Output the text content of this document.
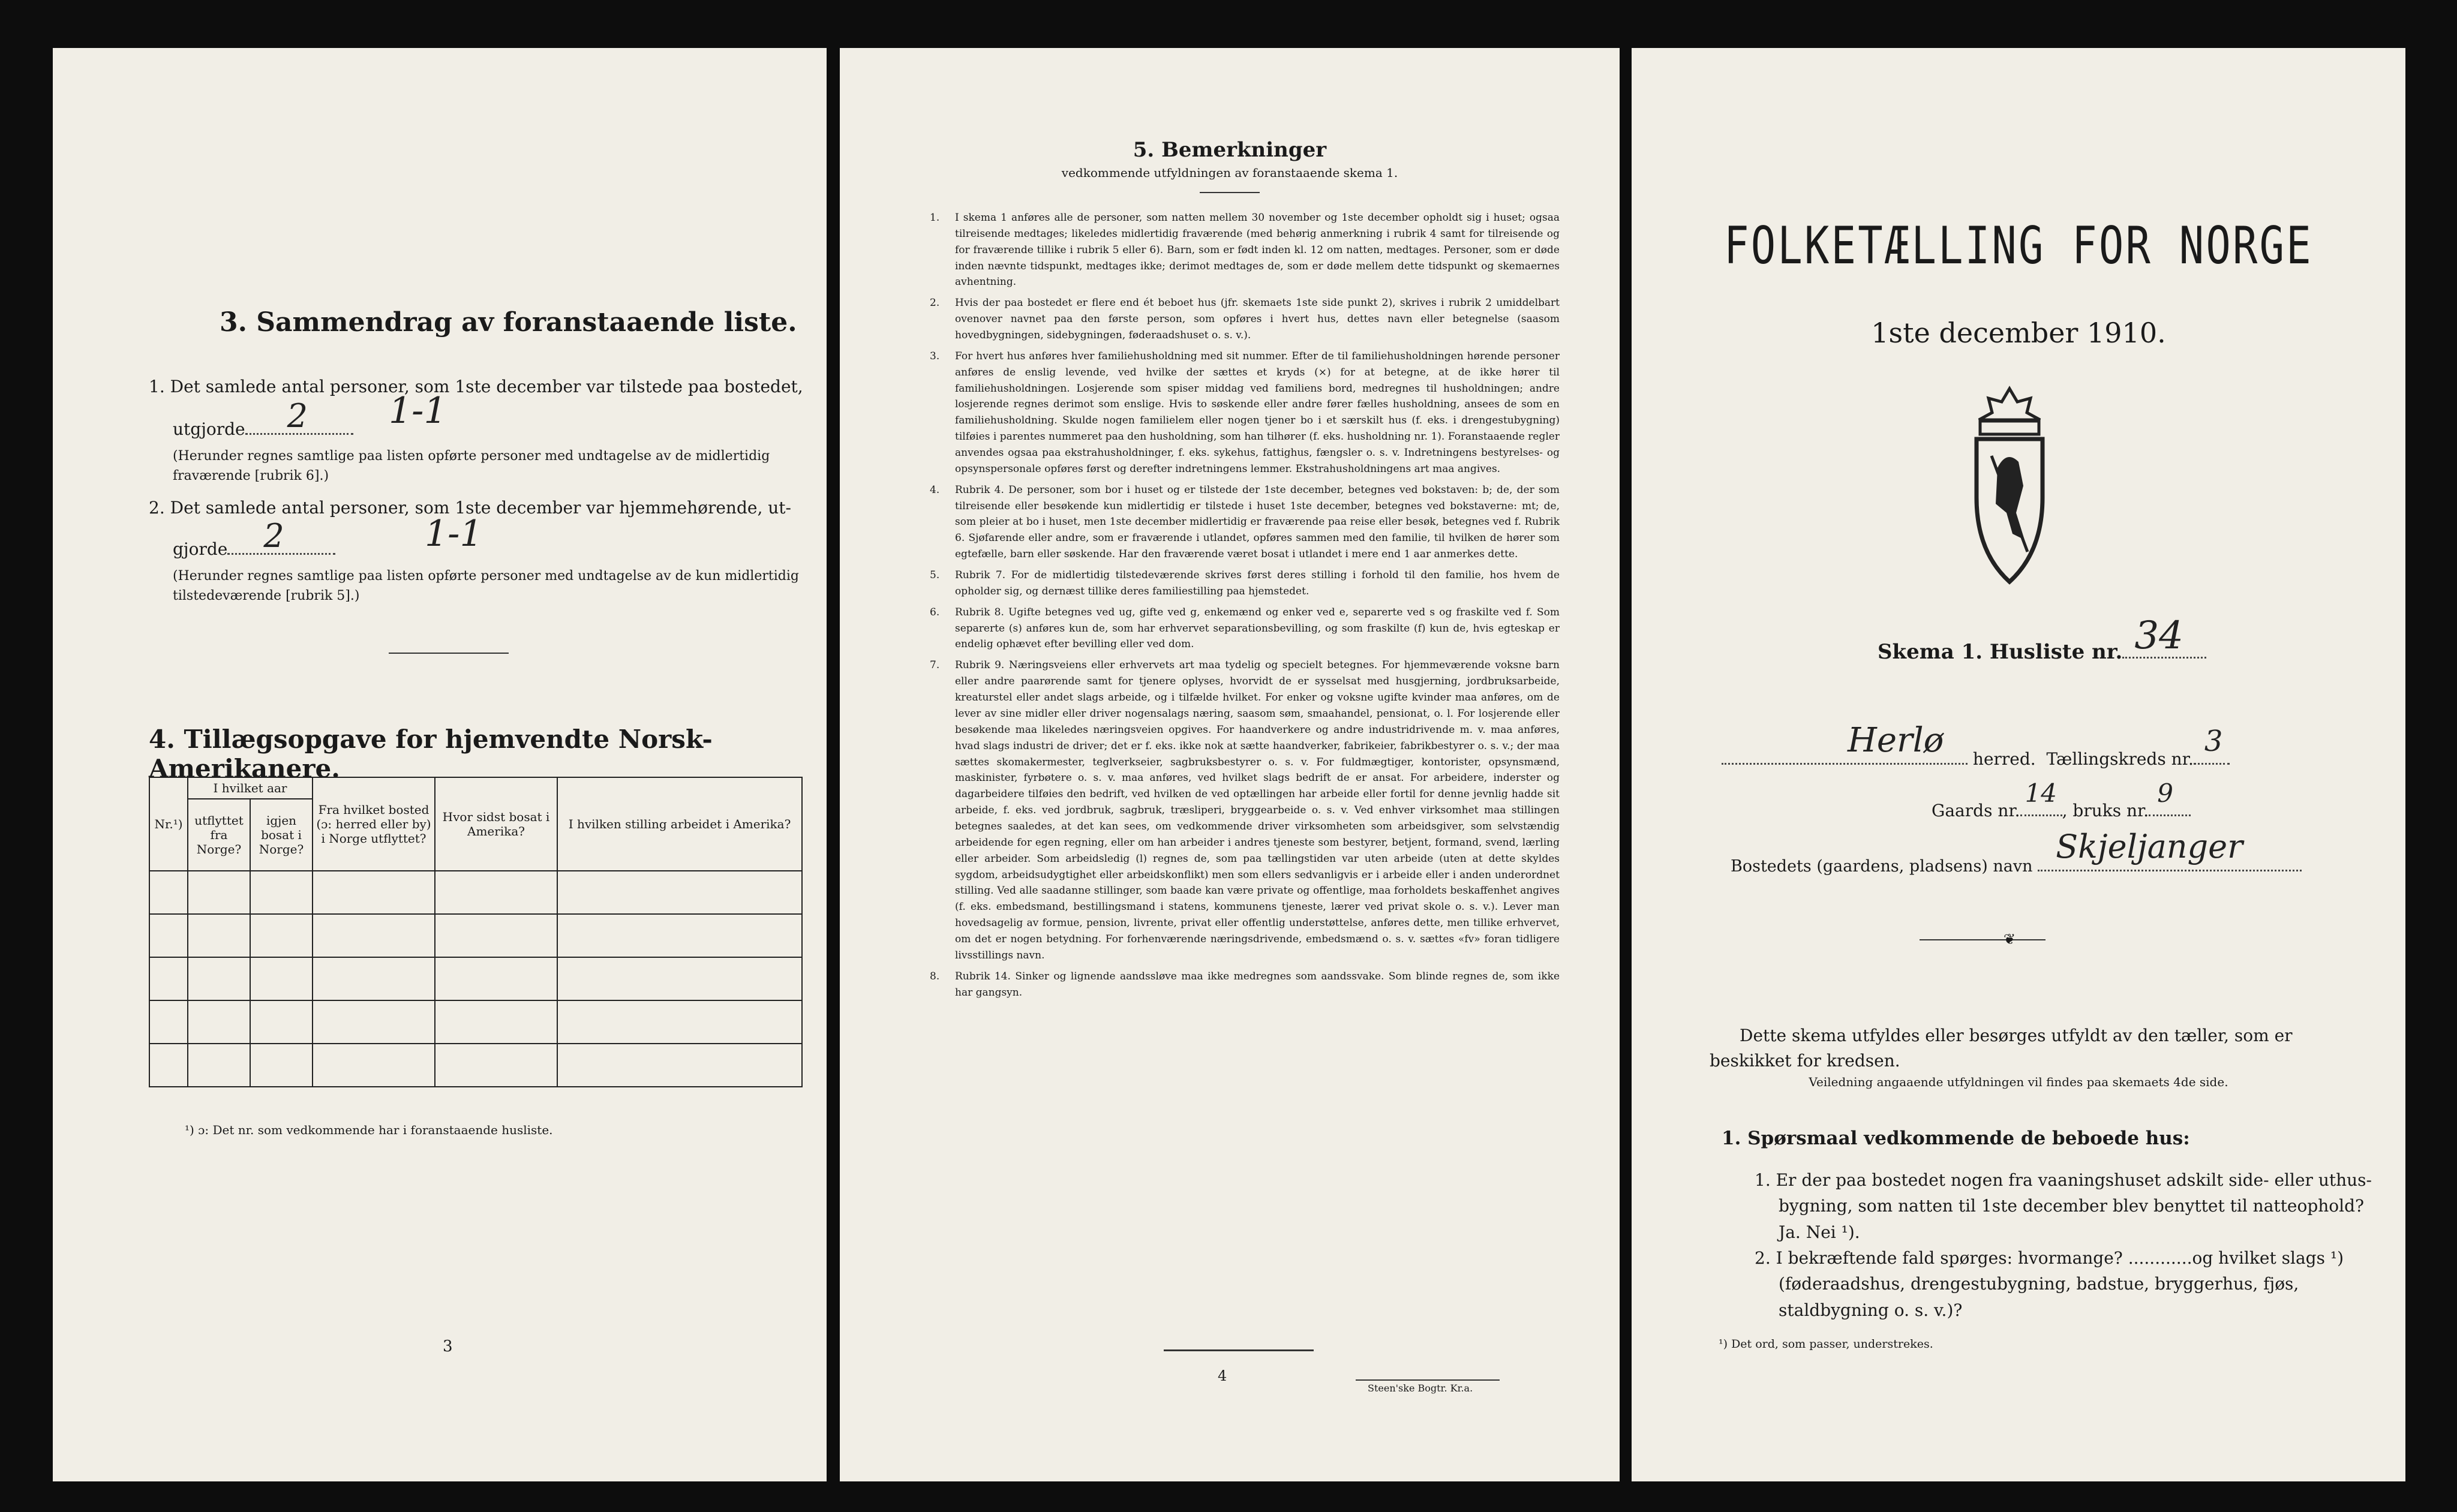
3. Sammendrag av foranstaaende liste.
1. Det samlede antal personer, som 1ste december var tilstede paa bostedet,
utgjorde 2 1-1
(Herunder regnes samtlige paa listen opførte personer med undtagelse av de midlertidig fraværende [rubrik 6].)
2. Det samlede antal personer, som 1ste december var hjemmehørende, ut-
gjorde 2	1-1
(Herunder regnes samtlige paa listen opførte personer med undtagelse av de kun midlertidig tilstedeværende [rubrik 5].)
4. Tillægsopgave for hjemvendte Norsk-Amerikanere.
Nr.¹)	I hvilket aar		Fra hvilket bosted (ɔ: herred eller by) i Norge utflyttet?	Hvor sidst bosat i Amerika?	I hvilken stilling arbeidet i Amerika?
	utflyttet fra Norge?	igjen bosat i Norge?			

¹) ɔ: Det nr. som vedkommende har i foranstaaende husliste.
3
5. Bemerkninger
vedkommende utfyldningen av foranstaaende skema 1.
1.	I skema 1 anføres alle de personer, som natten mellem 30 november og 1ste december opholdt sig i huset; ogsaa tilreisende medtages; likeledes midlertidig fraværende (med behørig anmerkning i rubrik 4 samt for tilreisende og for fraværende tillike i rubrik 5 eller 6). Barn, som er født inden kl. 12 om natten, medtages. Personer, som er døde inden nævnte tidspunkt, medtages ikke; derimot medtages de, som er døde mellem dette tidspunkt og skemaernes avhentning.

2.	Hvis der paa bostedet er flere end ét beboet hus (jfr. skemaets 1ste side punkt 2), skrives i rubrik 2 umiddelbart ovenover navnet paa den første person, som opføres i hvert hus, dettes navn eller betegnelse (saasom hovedbygningen, sidebygningen, føderaadshuset o. s. v.).

3.	For hvert hus anføres hver familiehusholdning med sit nummer. Efter de til familiehusholdningen hørende personer anføres de enslig levende, ved hvilke der sættes et kryds (×) for at betegne, at de ikke hører til familiehusholdningen. Losjerende som spiser middag ved familiens bord, medregnes til husholdningen; andre losjerende regnes derimot som enslige. Hvis to søskende eller andre fører fælles husholdning, ansees de som en familiehusholdning. Skulde nogen familielem eller nogen tjener bo i et særskilt hus (f. eks. i drengestubygning) tilføies i parentes nummeret paa den husholdning, som han tilhører (f. eks. husholdning nr. 1). Foranstaaende regler anvendes ogsaa paa ekstrahusholdninger, f. eks. sykehus, fattighus, fængsler o. s. v. Indretningens bestyrelses- og opsynspersonale opføres først og derefter indretningens lemmer. Ekstrahusholdningens art maa angives.

4.	Rubrik 4. De personer, som bor i huset og er tilstede der 1ste december, betegnes ved bokstaven: b; de, der som tilreisende eller besøkende kun midlertidig er tilstede i huset 1ste december, betegnes ved bokstaverne: mt; de, som pleier at bo i huset, men 1ste december midlertidig er fraværende paa reise eller besøk, betegnes ved f. Rubrik 6. Sjøfarende eller andre, som er fraværende i utlandet, opføres sammen med den familie, til hvilken de hører som egtefælle, barn eller søskende. Har den fraværende været bosat i utlandet i mere end 1 aar anmerkes dette.

5.	Rubrik 7. For de midlertidig tilstedeværende skrives først deres stilling i forhold til den familie, hos hvem de opholder sig, og dernæst tillike deres familiestilling paa hjemstedet.

6.	Rubrik 8. Ugifte betegnes ved ug, gifte ved g, enkemænd og enker ved e, separerte ved s og fraskilte ved f. Som separerte (s) anføres kun de, som har erhvervet separationsbevilling, og som fraskilte (f) kun de, hvis egteskap er endelig ophævet efter bevilling eller ved dom.

7.	Rubrik 9. Næringsveiens eller erhvervets art maa tydelig og specielt betegnes. For hjemmeværende voksne barn eller andre paarørende samt for tjenere oplyses, hvorvidt de er sysselsat med husgjerning, jordbruksarbeide, kreaturstel eller andet slags arbeide, og i tilfælde hvilket. For enker og voksne ugifte kvinder maa anføres, om de lever av sine midler eller driver nogensalags næring, saasom søm, smaahandel, pensionat, o. l. For losjerende eller besøkende maa likeledes næringsveien opgives. For haandverkere og andre industridrivende m. v. maa anføres, hvad slags industri de driver; det er f. eks. ikke nok at sætte haandverker, fabrikeier, fabrikbestyrer o. s. v.; der maa sættes skomakermester, teglverkseier, sagbruksbestyrer o. s. v. For fuldmægtiger, kontorister, opsynsmænd, maskinister, fyrbøtere o. s. v. maa anføres, ved hvilket slags bedrift de er ansat. For arbeidere, inderster og dagarbeidere tilføies den bedrift, ved hvilken de ved optællingen har arbeide eller fortil for denne jevnlig hadde sit arbeide, f. eks. ved jordbruk, sagbruk, træsliperi, bryggearbeide o. s. v. Ved enhver virksomhet maa stillingen betegnes saaledes, at det kan sees, om vedkommende driver virksomheten som arbeidsgiver, som selvstændig arbeidende for egen regning, eller om han arbeider i andres tjeneste som bestyrer, betjent, formand, svend, lærling eller arbeider. Som arbeidsledig (l) regnes de, som paa tællingstiden var uten arbeide (uten at dette skyldes sygdom, arbeidsudygtighet eller arbeidskonflikt) men som ellers sedvanligvis er i arbeide eller i anden underordnet stilling. Ved alle saadanne stillinger, som baade kan være private og offentlige, maa forholdets beskaffenhet angives (f. eks. embedsmand, bestillingsmand i statens, kommunens tjeneste, lærer ved privat skole o. s. v.). Lever man hovedsagelig av formue, pension, livrente, privat eller offentlig understøttelse, anføres dette, men tillike erhvervet, om det er nogen betydning. For forhenværende næringsdrivende, embedsmænd o. s. v. sættes «fv» foran tidligere livsstillings navn.

8.	Rubrik 14. Sinker og lignende aandssløve maa ikke medregnes som aandssvake. Som blinde regnes de, som ikke har gangsyn.

4
Steen'ske Bogtr. Kr.a.
FOLKETÆLLING FOR NORGE
1ste december 1910.
Skema 1. Husliste nr. 34
Herlø herred. Tællingskreds nr.
3
Gaards nr.
14
, bruks nr.
9
Bostedets (gaardens, pladsens) navn
Skjeljanger
❦
Dette skema utfyldes eller besørges utfyldt av den tæller, som er beskikket for kredsen.
Veiledning angaaende utfyldningen vil findes paa skemaets 4de side.
1. Spørsmaal vedkommende de beboede hus:
1. Er der paa bostedet nogen fra vaaningshuset adskilt side- eller uthus-bygning, som natten til 1ste december blev benyttet til natteophold? Ja. Nei ¹).
2. I bekræftende fald spørges: hvormange? ............og hvilket slags ¹) (føderaadshus, drengestubygning, badstue, bryggerhus, fjøs, staldbygning o. s. v.)?
¹) Det ord, som passer, understrekes.
